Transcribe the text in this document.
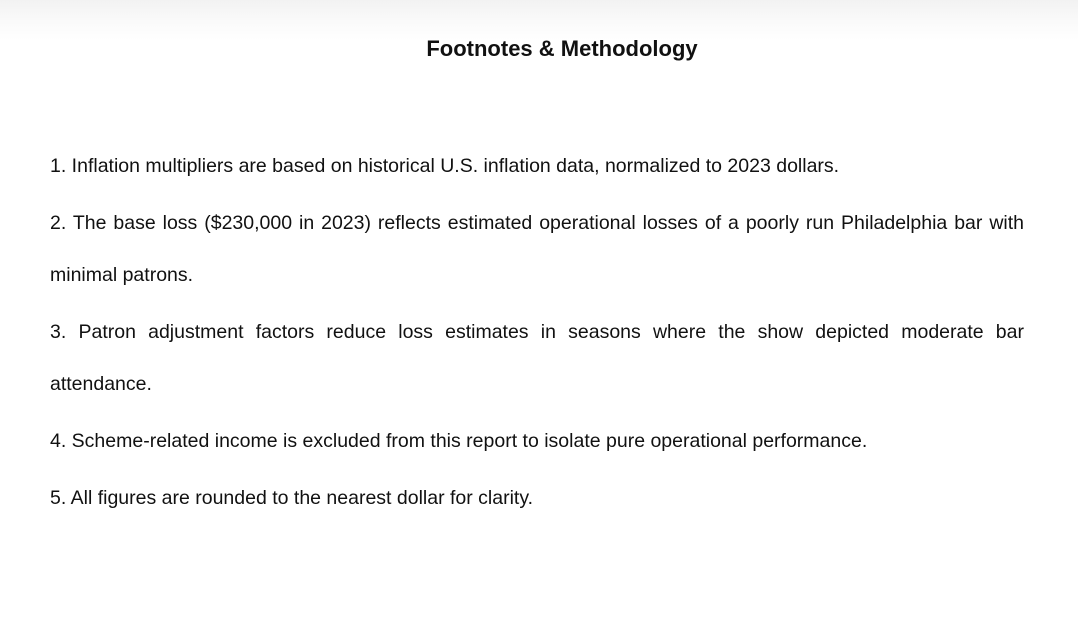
Footnotes & Methodology
1. Inflation multipliers are based on historical U.S. inflation data, normalized to 2023 dollars.
2. The base loss ($230,000 in 2023) reflects estimated operational losses of a poorly run Philadelphia bar with minimal patrons.
3. Patron adjustment factors reduce loss estimates in seasons where the show depicted moderate bar attendance.
4. Scheme-related income is excluded from this report to isolate pure operational performance.
5. All figures are rounded to the nearest dollar for clarity.
